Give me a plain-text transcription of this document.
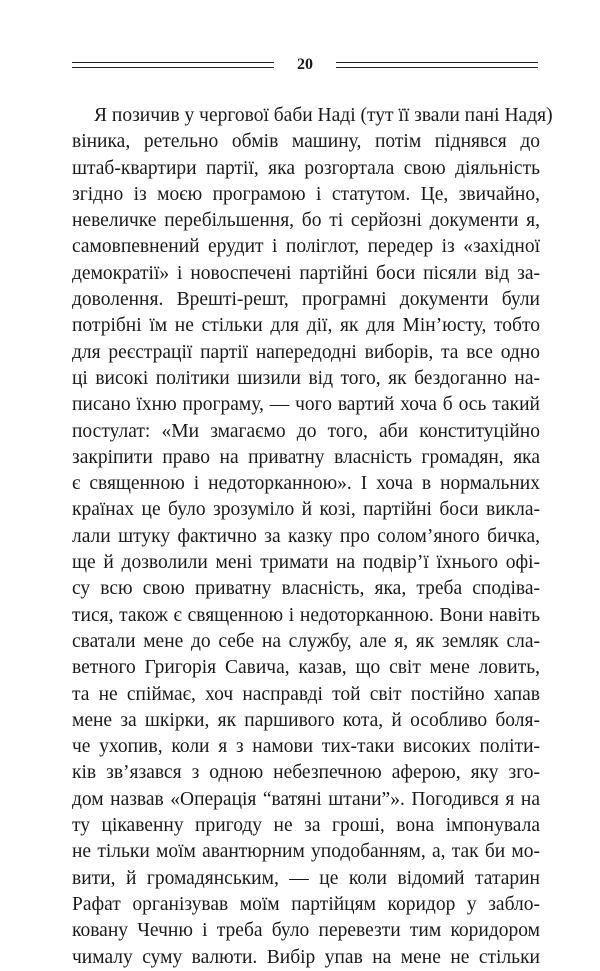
20
Я позичив у чергової баби Наді (тут її звали пані Надя)
віника, ретельно обмів машину, потім піднявся до
штаб-квартири партії, яка розгортала свою діяльність
згідно із моєю програмою і статутом. Це, звичайно,
невеличке перебільшення, бо ті серйозні документи я,
самовпевнений ерудит і поліглот, передер із «західної
демократії» і новоспечені партійні боси пісяли від за-
доволення. Врешті-решт, програмні документи були
потрібні їм не стільки для дії, як для Мін’юсту, тобто
для реєстрації партії напередодні виборів, та все одно
ці високі політики шизили від того, як бездоганно на-
писано їхню програму, — чого вартий хоча б ось такий
постулат: «Ми змагаємо до того, аби конституційно
закріпити право на приватну власність громадян, яка
є священною і недоторканною». І хоча в нормальних
країнах це було зрозуміло й козі, партійні боси викла-
лали штуку фактично за казку про солом’яного бичка,
ще й дозволили мені тримати на подвір’ї їхнього офі-
су всю свою приватну власність, яка, треба сподіва-
тися, також є священною і недоторканною. Вони навіть
сватали мене до себе на службу, але я, як земляк сла-
ветного Григорія Савича, казав, що світ мене ловить,
та не спіймає, хоч насправді той світ постійно хапав
мене за шкірки, як паршивого кота, й особливо боля-
че ухопив, коли я з намови тих-таки високих політи-
ків зв’язався з одною небезпечною аферою, яку зго-
дом назвав «Операція “ватяні штани”». Погодився я на
ту цікавенну пригоду не за гроші, вона імпонувала
не тільки моїм авантюрним уподобанням, а, так би мо-
вити, й громадянським, — це коли відомий татарин
Рафат організував моїм партійцям коридор у забло-
ковану Чечню і треба було перевезти тим коридором
чималу суму валюти. Вибір упав на мене не стільки
